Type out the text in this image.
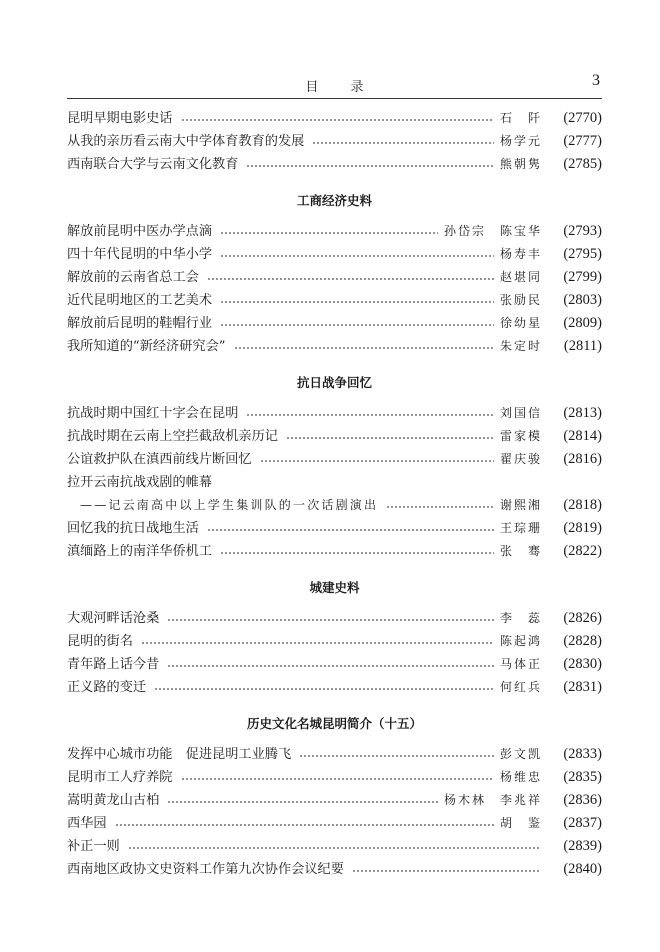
目 录	3
昆明早期电影史话	石　阡	(2770)
从我的亲历看云南大中学体育教育的发展	杨学元	(2777)
西南联合大学与云南文化教育	熊朝隽	(2785)
工商经济史料
解放前昆明中医办学点滴	孙岱宗 陈宝华	(2793)
四十年代昆明的中华小学	杨寿丰	(2795)
解放前的云南省总工会	赵堪同	(2799)
近代昆明地区的工艺美术	张励民	(2803)
解放前后昆明的鞋帽行业	徐幼星	(2809)
我所知道的“新经济研究会”	朱定时	(2811)
抗日战争回忆
抗战时期中国红十字会在昆明	刘国信	(2813)
抗战时期在云南上空拦截敌机亲历记	雷家模	(2814)
公谊救护队在滇西前线片断回忆	翟庆骏	(2816)
拉开云南抗战戏剧的帷幕
——记云南高中以上学生集训队的一次话剧演出	谢熙湘	(2818)
回忆我的抗日战地生活	王琮珊	(2819)
滇缅路上的南洋华侨机工	张　骞	(2822)
城建史料
大观河畔话沧桑	李　蕊	(2826)
昆明的街名	陈起鸿	(2828)
青年路上话今昔	马体正	(2830)
正义路的变迁	何红兵	(2831)
历史文化名城昆明简介（十五）
发挥中心城市功能　促进昆明工业腾飞	彭文凯	(2833)
昆明市工人疗养院	杨维忠	(2835)
嵩明黄龙山古柏	杨木林 李兆祥	(2836)
西华园	胡　鉴	(2837)
补正一则	(2839)
西南地区政协文史资料工作第九次协作会议纪要	(2840)
